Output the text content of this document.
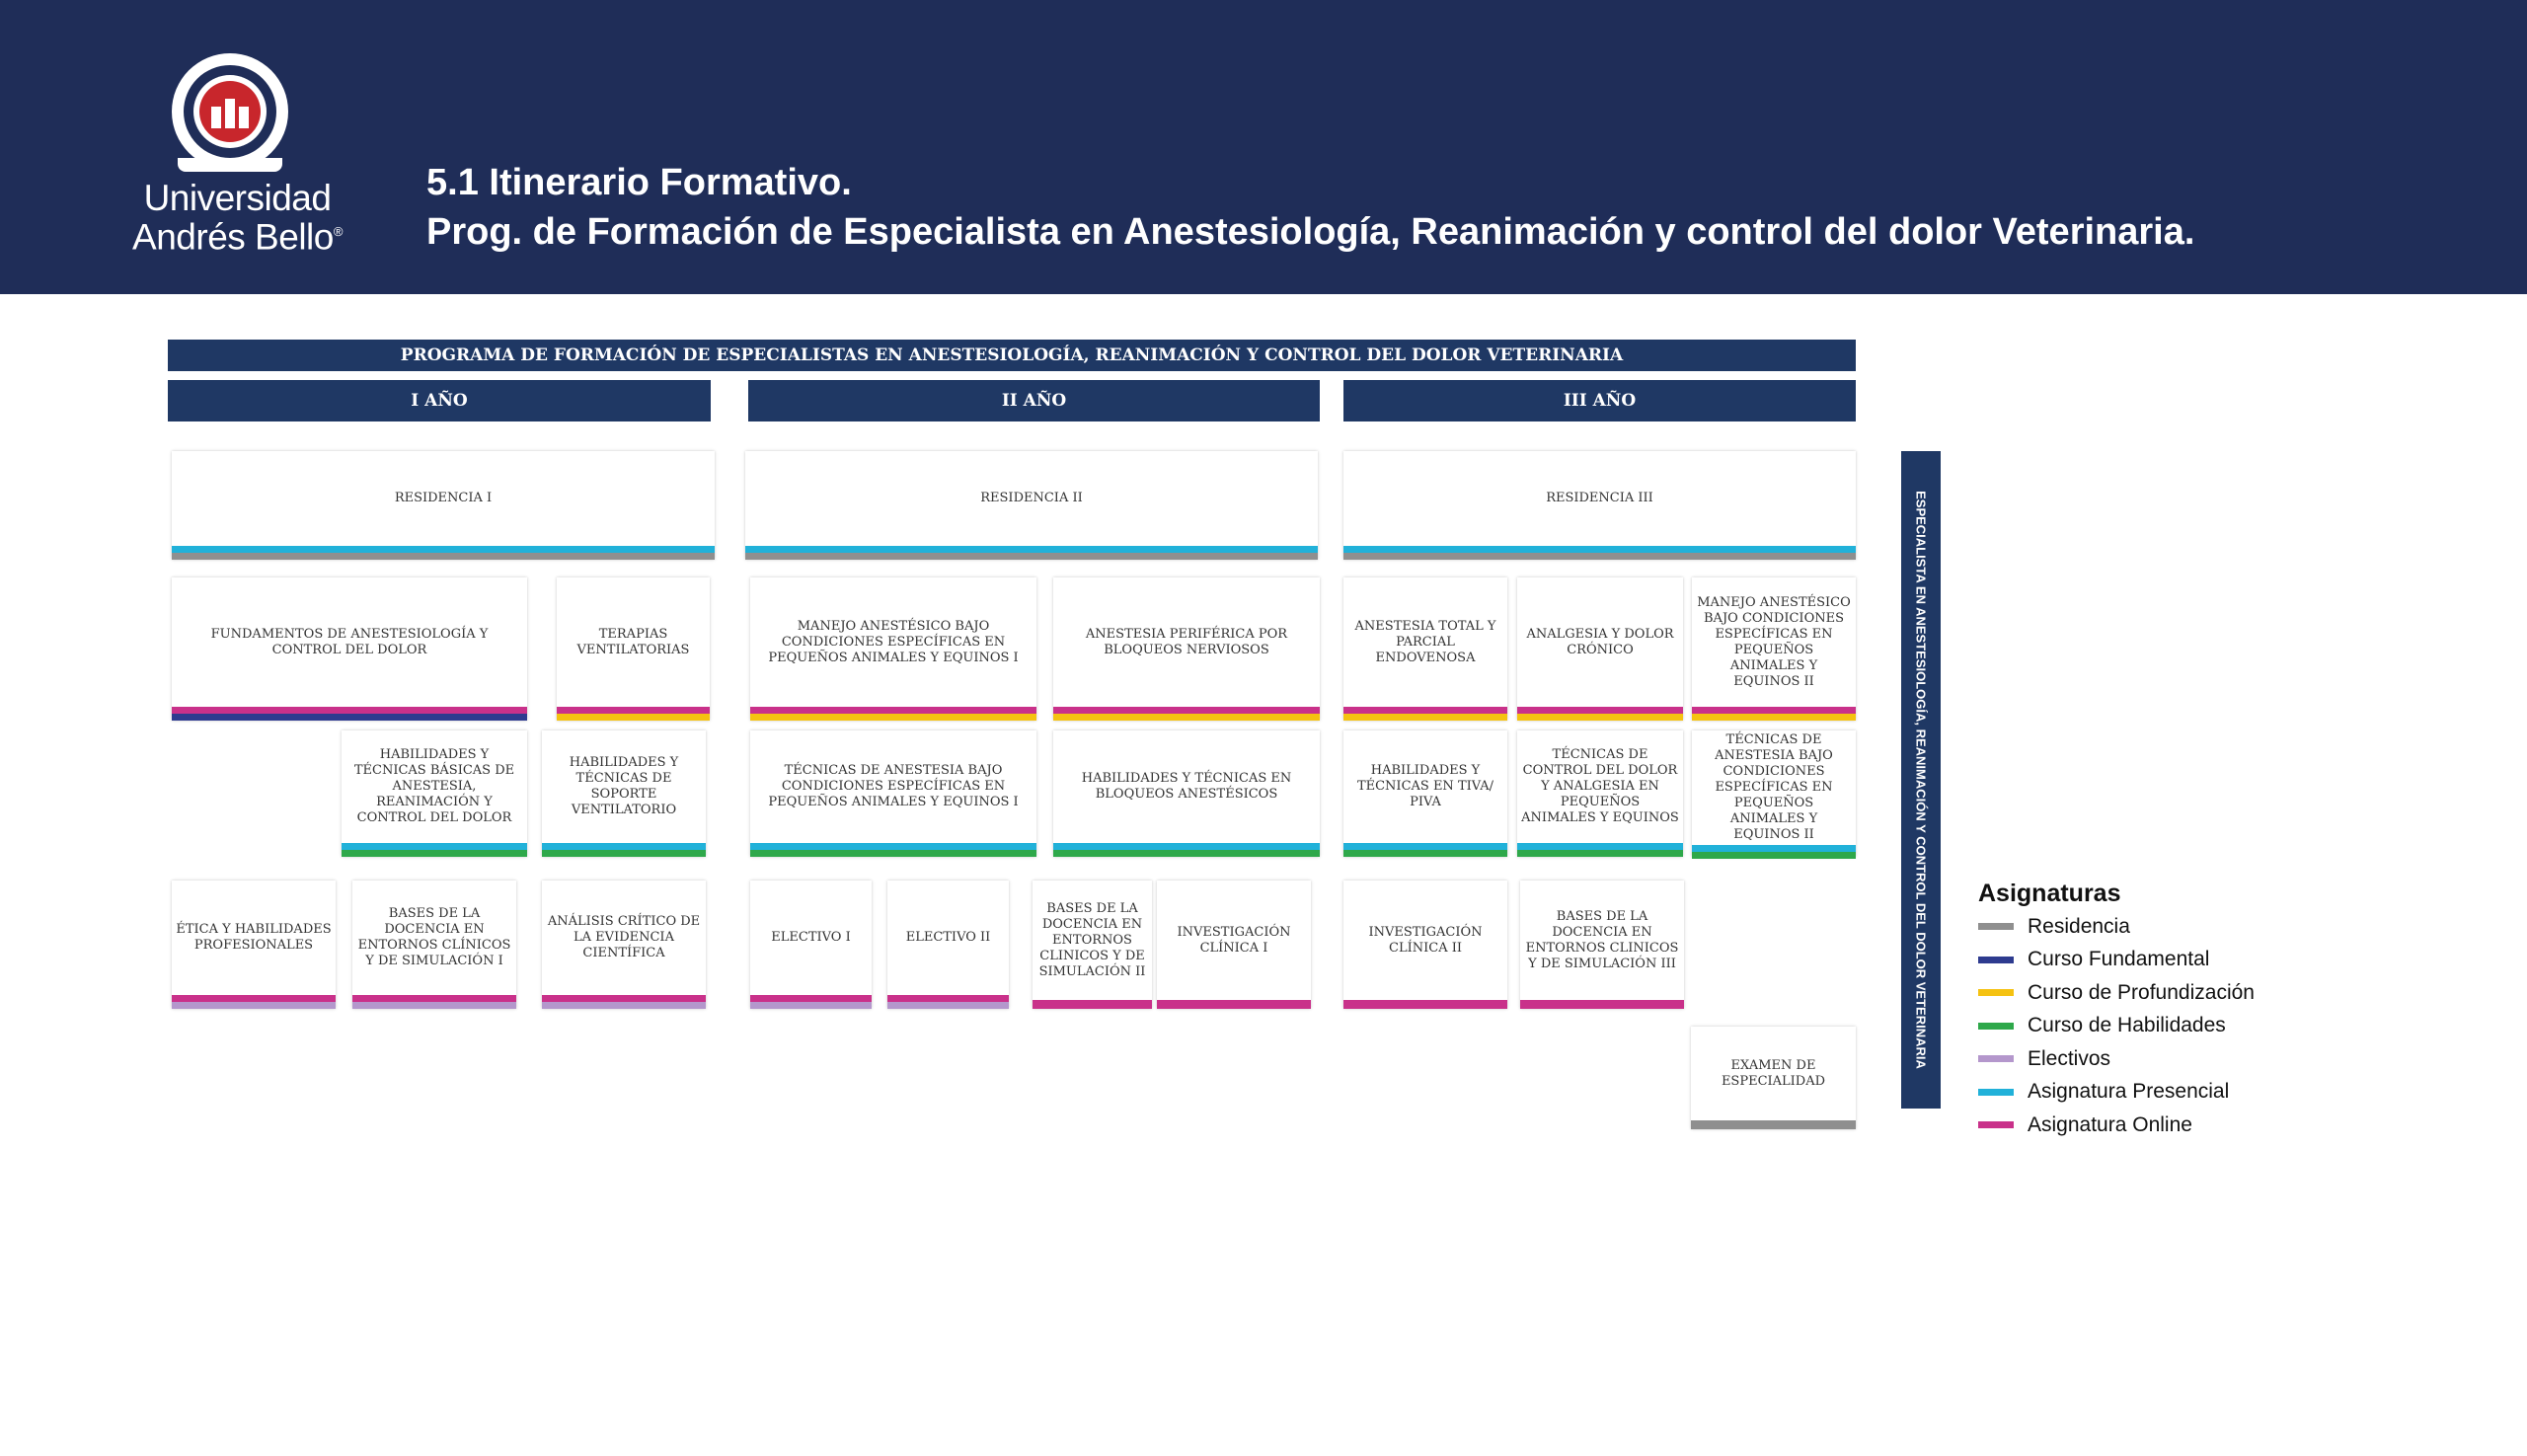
Universidad
Andrés Bello®
5.1 Itinerario Formativo.
Prog. de Formación de Especialista en Anestesiología, Reanimación y control del dolor Veterinaria.
PROGRAMA DE FORMACIÓN DE ESPECIALISTAS EN ANESTESIOLOGÍA, REANIMACIÓN Y CONTROL DEL DOLOR VETERINARIA
I AÑO	II AÑO	III AÑO
RESIDENCIA I	RESIDENCIA II	RESIDENCIA III
FUNDAMENTOS DE ANESTESIOLOGÍA Y CONTROL DEL DOLOR
TERAPIAS VENTILATORIAS
MANEJO ANESTÉSICO BAJO CONDICIONES ESPECÍFICAS EN PEQUEÑOS ANIMALES Y EQUINOS I
ANESTESIA PERIFÉRICA POR BLOQUEOS NERVIOSOS
ANESTESIA TOTAL Y PARCIAL ENDOVENOSA
ANALGESIA Y DOLOR CRÓNICO
MANEJO ANESTÉSICO BAJO CONDICIONES ESPECÍFICAS EN PEQUEÑOS ANIMALES Y EQUINOS II
HABILIDADES Y TÉCNICAS BÁSICAS DE ANESTESIA, REANIMACIÓN Y CONTROL DEL DOLOR
HABILIDADES Y TÉCNICAS DE SOPORTE VENTILATORIO
TÉCNICAS DE ANESTESIA BAJO CONDICIONES ESPECÍFICAS EN PEQUEÑOS ANIMALES Y EQUINOS I
HABILIDADES Y TÉCNICAS EN BLOQUEOS ANESTÉSICOS
HABILIDADES Y TÉCNICAS EN TIVA/ PIVA
TÉCNICAS DE CONTROL DEL DOLOR Y ANALGESIA EN PEQUEÑOS ANIMALES Y EQUINOS
TÉCNICAS DE ANESTESIA BAJO CONDICIONES ESPECÍFICAS EN PEQUEÑOS ANIMALES Y EQUINOS II
ÉTICA Y HABILIDADES PROFESIONALES
BASES DE LA DOCENCIA EN ENTORNOS CLÍNICOS Y DE SIMULACIÓN I
ANÁLISIS CRÍTICO DE LA EVIDENCIA CIENTÍFICA
ELECTIVO I	ELECTIVO II
BASES DE LA DOCENCIA EN ENTORNOS CLINICOS Y DE SIMULACIÓN II
INVESTIGACIÓN CLÍNICA I
INVESTIGACIÓN CLÍNICA II
BASES DE LA DOCENCIA EN ENTORNOS CLINICOS Y DE SIMULACIÓN III
EXAMEN DE ESPECIALIDAD
ESPECIALISTA EN ANESTESIOLOGÍA, REANIMACIÓN Y CONTROL DEL DOLOR VETERINARIA Asignaturas
Residencia
Curso Fundamental
Curso de Profundización
Curso de Habilidades
Electivos
Asignatura Presencial
Asignatura Online
